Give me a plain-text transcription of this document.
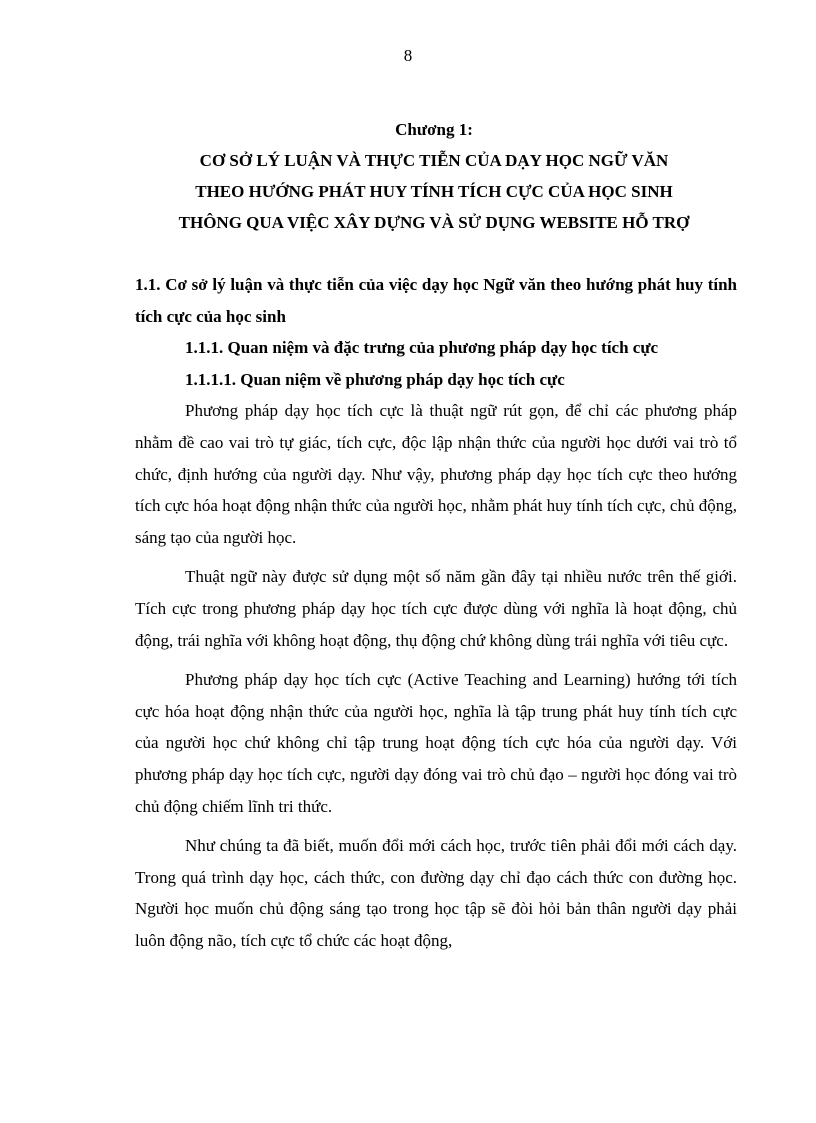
8
Chương 1:
CƠ SỞ LÝ LUẬN VÀ THỰC TIỄN CỦA DẠY HỌC NGỮ VĂN
THEO HƯỚNG PHÁT HUY TÍNH TÍCH CỰC CỦA HỌC SINH
THÔNG QUA VIỆC XÂY DỰNG VÀ SỬ DỤNG WEBSITE HỖ TRỢ

1.1. Cơ sở lý luận và thực tiễn của việc dạy học Ngữ văn theo hướng phát huy tính tích cực của học sinh

1.1.1. Quan niệm và đặc trưng của phương pháp dạy học tích cực

1.1.1.1. Quan niệm về phương pháp dạy học tích cực

Phương pháp dạy học tích cực là thuật ngữ rút gọn, để chỉ các phương pháp nhằm đề cao vai trò tự giác, tích cực, độc lập nhận thức của người học dưới vai trò tổ chức, định hướng của người dạy. Như vậy, phương pháp dạy học tích cực theo hướng tích cực hóa hoạt động nhận thức của người học, nhằm phát huy tính tích cực, chủ động, sáng tạo của người học.

Thuật ngữ này được sử dụng một số năm gần đây tại nhiều nước trên thế giới. Tích cực trong phương pháp dạy học tích cực được dùng với nghĩa là hoạt động, chủ động, trái nghĩa với không hoạt động, thụ động chứ không dùng trái nghĩa với tiêu cực.

Phương pháp dạy học tích cực (Active Teaching and Learning) hướng tới tích cực hóa hoạt động nhận thức của người học, nghĩa là tập trung phát huy tính tích cực của người học chứ không chỉ tập trung hoạt động tích cực hóa của người dạy. Với phương pháp dạy học tích cực, người dạy đóng vai trò chủ đạo – người học đóng vai trò chủ động chiếm lĩnh tri thức.

Như chúng ta đã biết, muốn đổi mới cách học, trước tiên phải đổi mới cách dạy. Trong quá trình dạy học, cách thức, con đường dạy chỉ đạo cách thức con đường học. Người học muốn chủ động sáng tạo trong học tập sẽ đòi hỏi bản thân người dạy phải luôn động não, tích cực tổ chức các hoạt động,
